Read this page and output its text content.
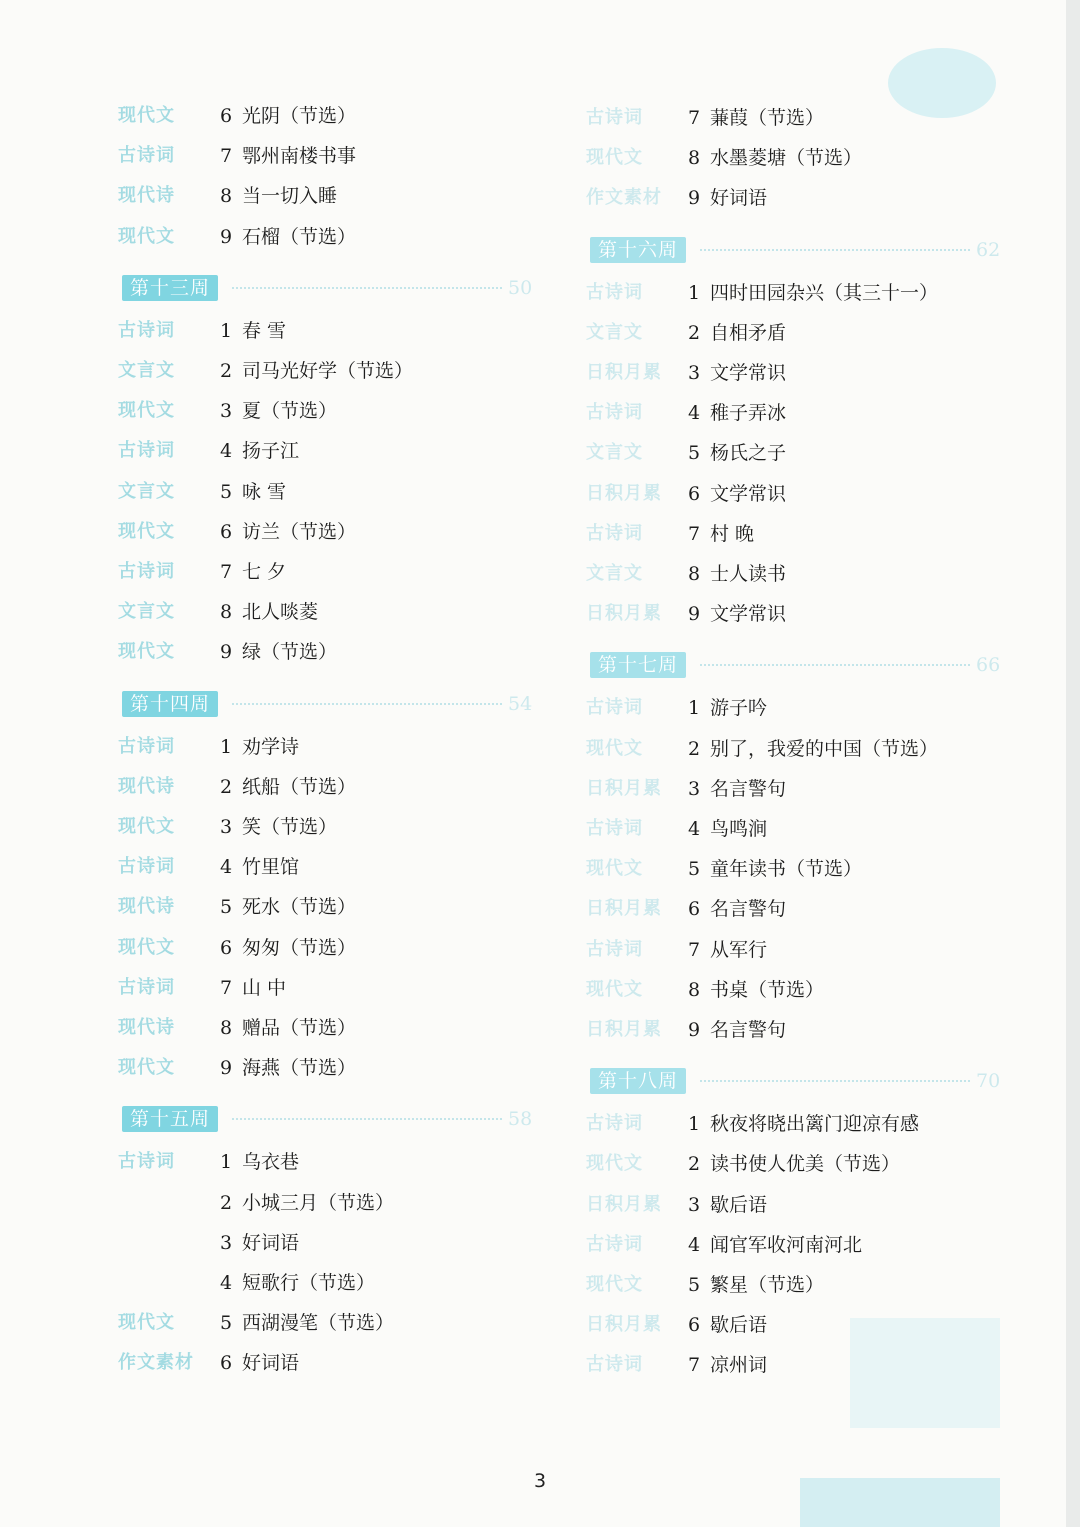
现代文	6 光阴（节选）
古诗词	7 鄂州南楼书事
现代诗	8 当一切入睡
现代文	9 石榴（节选）
第十三周	50
古诗词	1 春 雪
文言文	2 司马光好学（节选）
现代文	3 夏（节选）
古诗词	4 扬子江
文言文	5 咏 雪
现代文	6 访兰（节选）
古诗词	7 七 夕
文言文	8 北人啖菱
现代文	9 绿（节选）
第十四周	54
古诗词	1 劝学诗
现代诗	2 纸船（节选）
现代文	3 笑（节选）
古诗词	4 竹里馆
现代诗	5 死水（节选）
现代文	6 匆匆（节选）
古诗词	7 山 中
现代诗	8 赠品（节选）
现代文	9 海燕（节选）
第十五周	58
古诗词	1 乌衣巷
2 小城三月（节选）
3 好词语
4 短歌行（节选）
现代文	5 西湖漫笔（节选）
作文素材	6 好词语
古诗词	7 蒹葭（节选）
现代文	8 水墨菱塘（节选）
作文素材	9 好词语
第十六周	62
古诗词	1 四时田园杂兴（其三十一）
文言文	2 自相矛盾
日积月累	3 文学常识
古诗词	4 稚子弄冰
文言文	5 杨氏之子
日积月累	6 文学常识
古诗词	7 村 晚
文言文	8 士人读书
日积月累	9 文学常识
第十七周	66
古诗词	1 游子吟
现代文	2 别了，我爱的中国（节选）
日积月累	3 名言警句
古诗词	4 鸟鸣涧
现代文	5 童年读书（节选）
日积月累	6 名言警句
古诗词	7 从军行
现代文	8 书桌（节选）
日积月累	9 名言警句
第十八周	70
古诗词	1 秋夜将晓出篱门迎凉有感
现代文	2 读书使人优美（节选）
日积月累	3 歇后语
古诗词	4 闻官军收河南河北
现代文	5 繁星（节选）
日积月累	6 歇后语
古诗词	7 凉州词
3
